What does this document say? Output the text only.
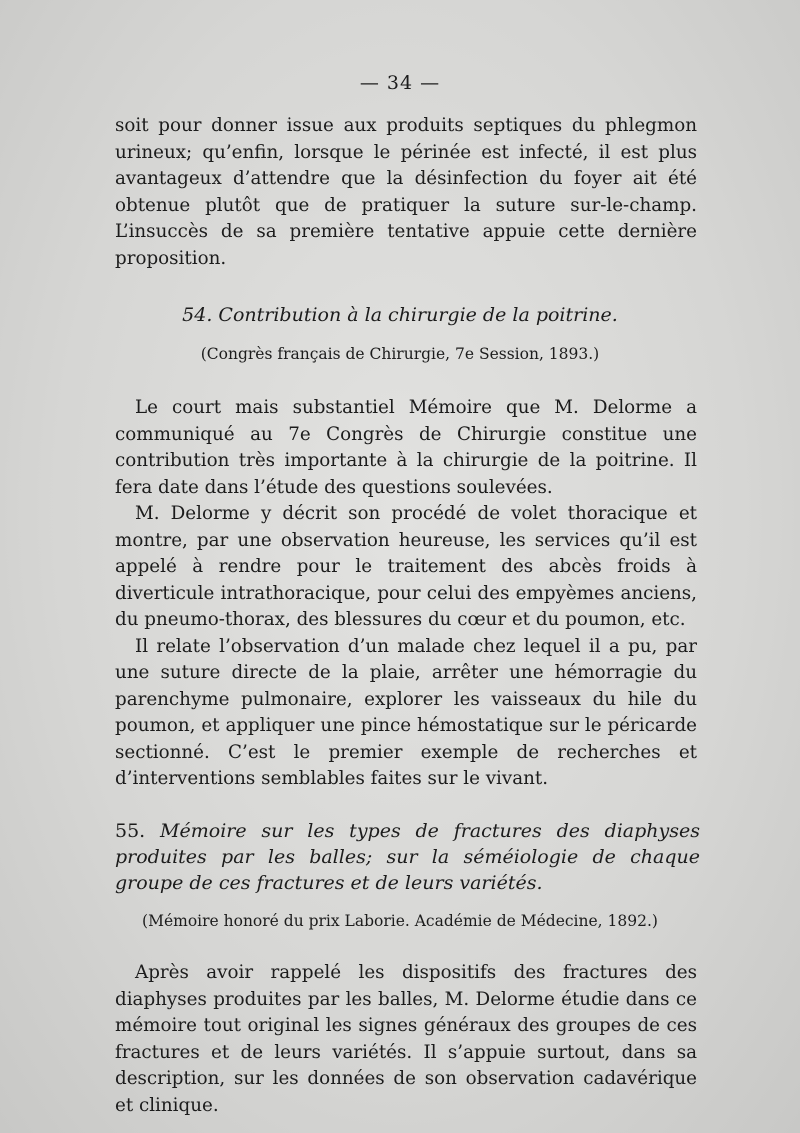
— 34 —

soit pour donner issue aux produits septiques du phlegmon urineux; qu’enfin, lorsque le périnée est infecté, il est plus avantageux d’attendre que la désinfection du foyer ait été obtenue plutôt que de pratiquer la suture sur-le-champ. L’insuccès de sa première tentative appuie cette dernière proposition.

54. Contribution à la chirurgie de la poitrine.
(Congrès français de Chirurgie, 7e Session, 1893.)

Le court mais substantiel Mémoire que M. Delorme a communiqué au 7e Congrès de Chirurgie constitue une contribution très importante à la chirurgie de la poitrine. Il fera date dans l’étude des questions soulevées.

M. Delorme y décrit son procédé de volet thoracique et montre, par une observation heureuse, les services qu’il est appelé à rendre pour le traitement des abcès froids à diverticule intrathoracique, pour celui des empyèmes anciens, du pneumo-thorax, des blessures du cœur et du poumon, etc.

Il relate l’observation d’un malade chez lequel il a pu, par une suture directe de la plaie, arrêter une hémorragie du parenchyme pulmonaire, explorer les vaisseaux du hile du poumon, et appliquer une pince hémostatique sur le péricarde sectionné. C’est le premier exemple de recherches et d’interventions semblables faites sur le vivant.

55. Mémoire sur les types de fractures des diaphyses produites par les balles; sur la séméiologie de chaque groupe de ces fractures et de leurs variétés.
(Mémoire honoré du prix Laborie. Académie de Médecine, 1892.)

Après avoir rappelé les dispositifs des fractures des diaphyses produites par les balles, M. Delorme étudie dans ce mémoire tout original les signes généraux des groupes de ces fractures et de leurs variétés. Il s’appuie surtout, dans sa description, sur les données de son observation cadavérique et clinique.
